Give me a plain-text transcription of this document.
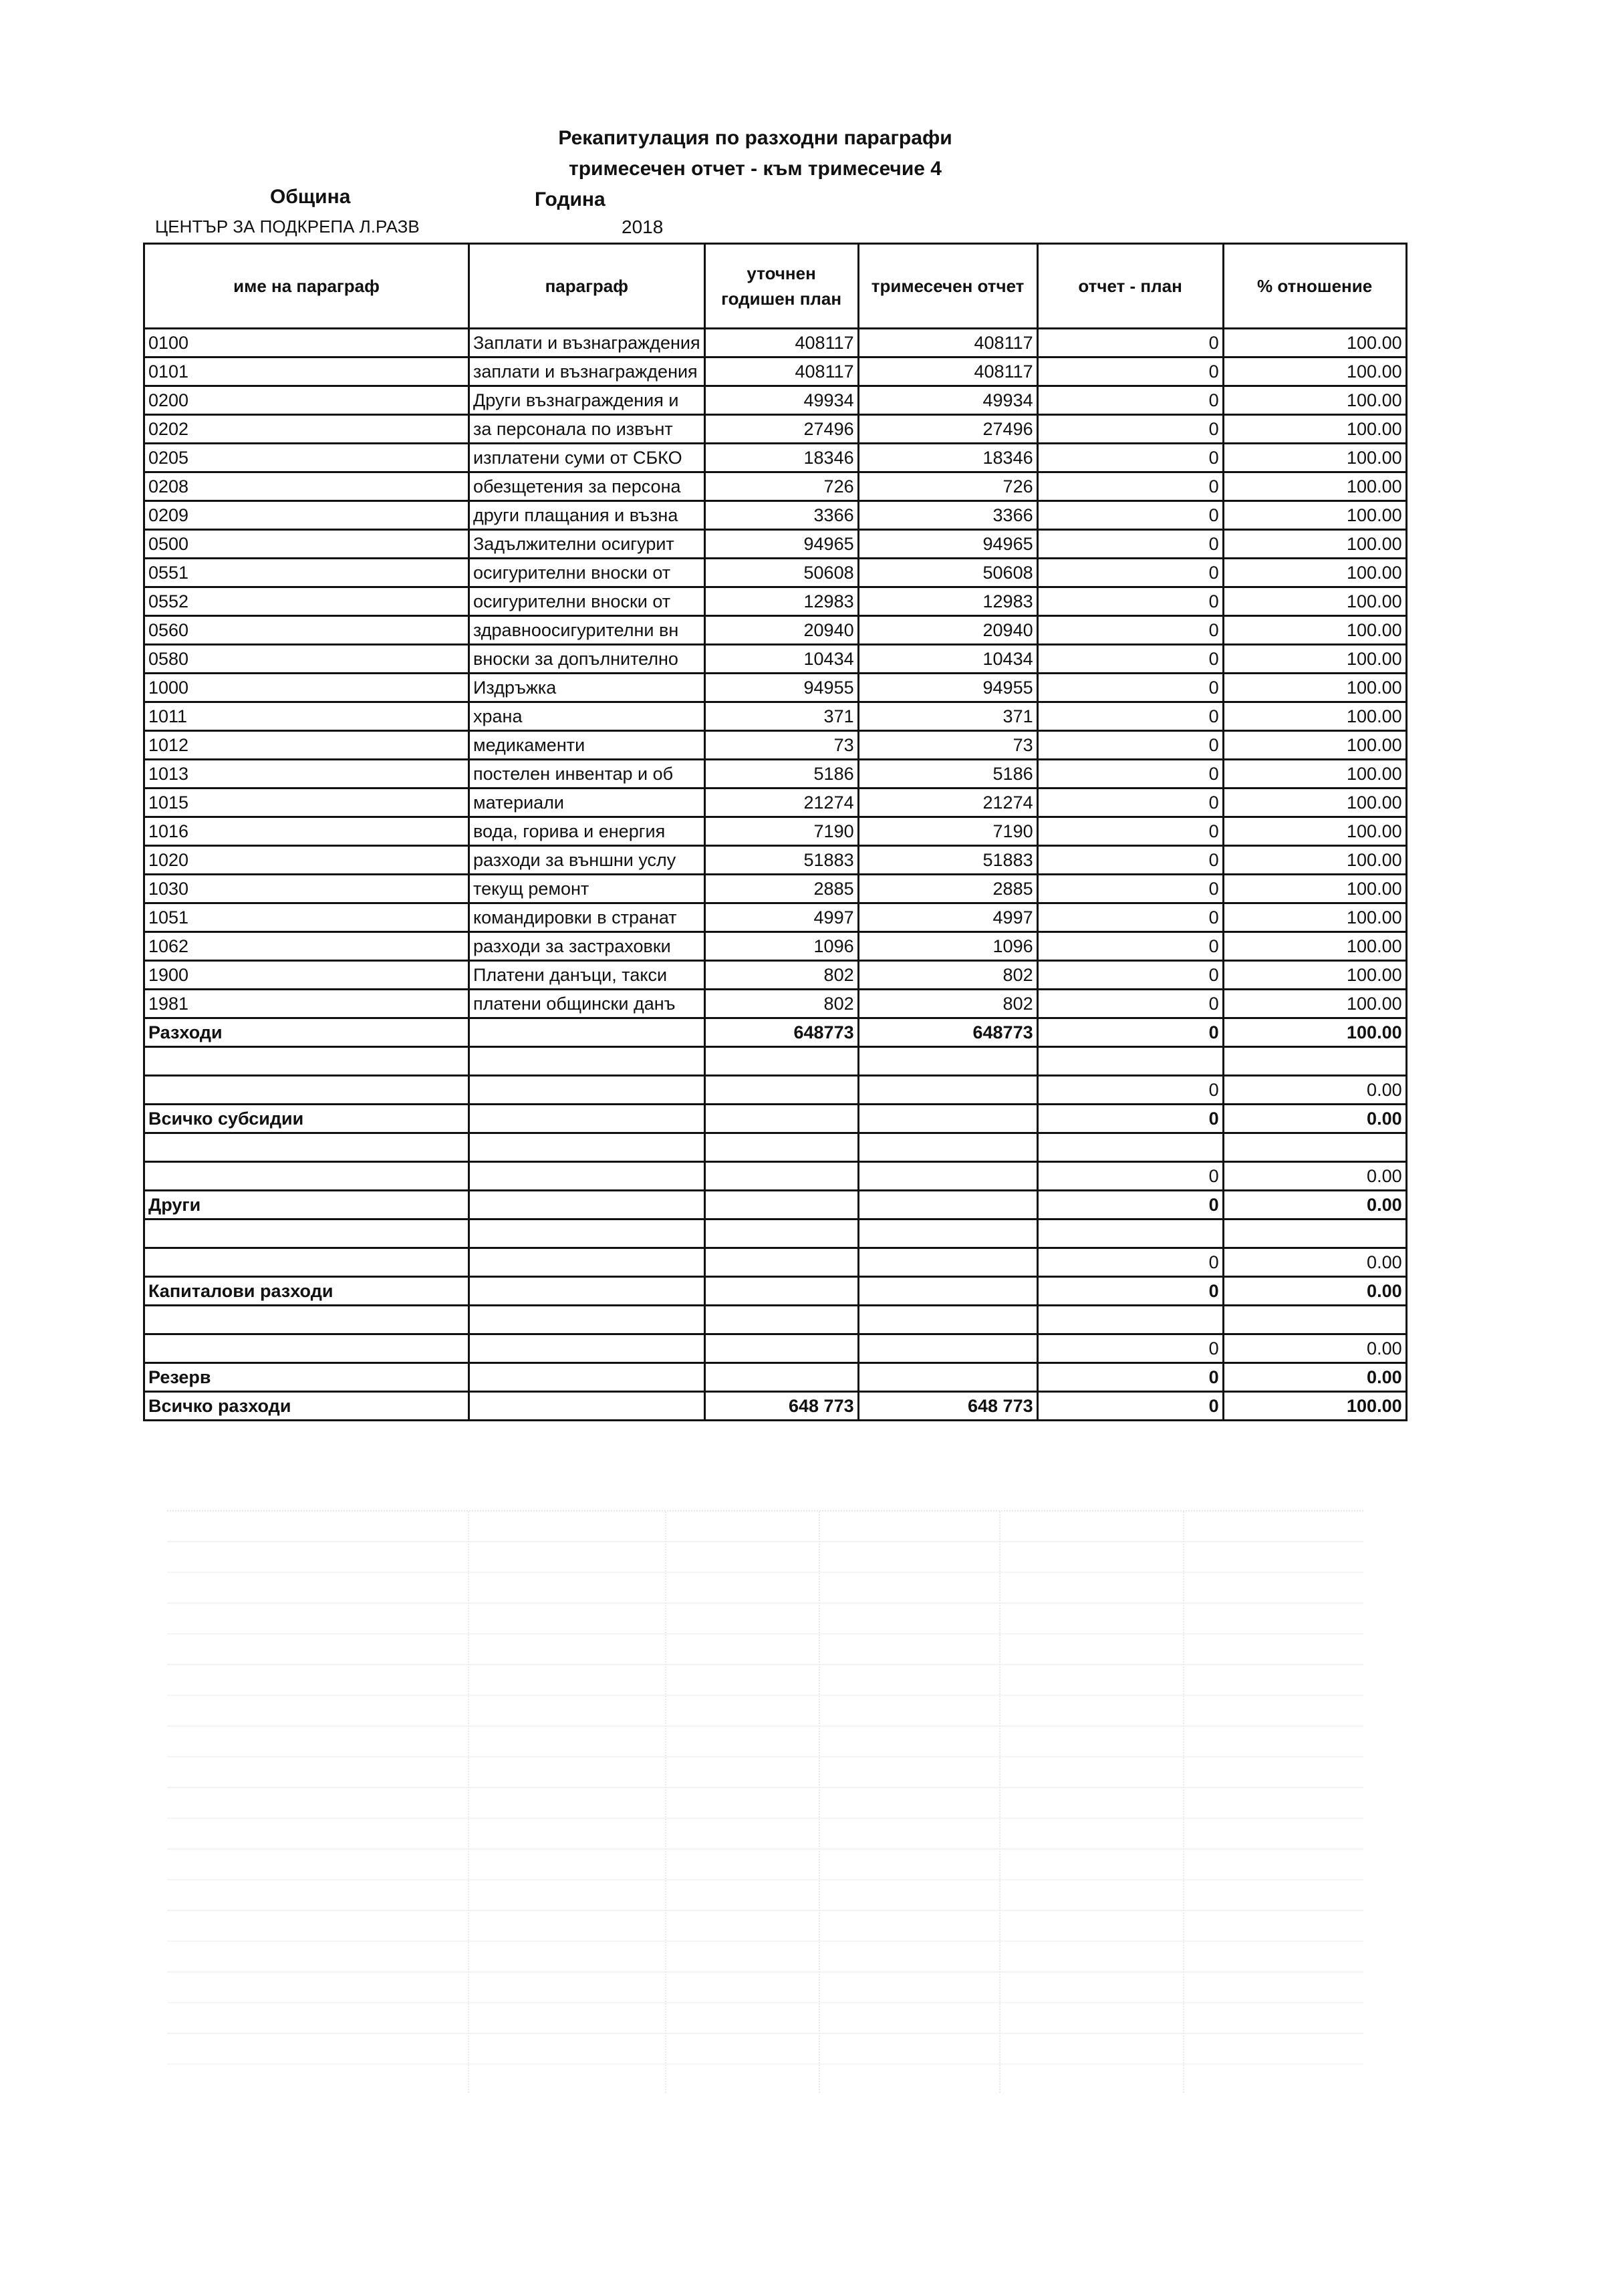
Рекапитулация по разходни параграфи
тримесечен отчет - към тримесечие 4
Община	Година
ЦЕНТЪР ЗА ПОДКРЕПА Л.РАЗВ	2018
име на параграф	параграф	уточнен годишен план	тримесечен отчет	отчет - план	% отношение
0100	Заплати и възнаграждения	408117	408117	0	100.00
0101	заплати и възнаграждения	408117	408117	0	100.00
0200	Други възнаграждения и	49934	49934	0	100.00
0202	за персонала по извънт	27496	27496	0	100.00
0205	изплатени суми от СБКО	18346	18346	0	100.00
0208	обезщетения за персона	726	726	0	100.00
0209	други плащания и възна	3366	3366	0	100.00
0500	Задължителни осигурит	94965	94965	0	100.00
0551	осигурителни вноски от	50608	50608	0	100.00
0552	осигурителни вноски от	12983	12983	0	100.00
0560	здравноосигурителни вн	20940	20940	0	100.00
0580	вноски за допълнително	10434	10434	0	100.00
1000	Издръжка	94955	94955	0	100.00
1011	храна	371	371	0	100.00
1012	медикаменти	73	73	0	100.00
1013	постелен инвентар и об	5186	5186	0	100.00
1015	материали	21274	21274	0	100.00
1016	вода, горива и енергия	7190	7190	0	100.00
1020	разходи за външни услу	51883	51883	0	100.00
1030	текущ ремонт	2885	2885	0	100.00
1051	командировки в странат	4997	4997	0	100.00
1062	разходи за застраховки	1096	1096	0	100.00
1900	Платени данъци, такси	802	802	0	100.00
1981	платени общински данъ	802	802	0	100.00
Разходи		648773	648773	0	100.00

				0	0.00
Всичко субсидии				0	0.00

				0	0.00
Други				0	0.00

				0	0.00
Капиталови разходи				0	0.00

				0	0.00
Резерв				0	0.00
Всичко разходи		648 773	648 773	0	100.00
